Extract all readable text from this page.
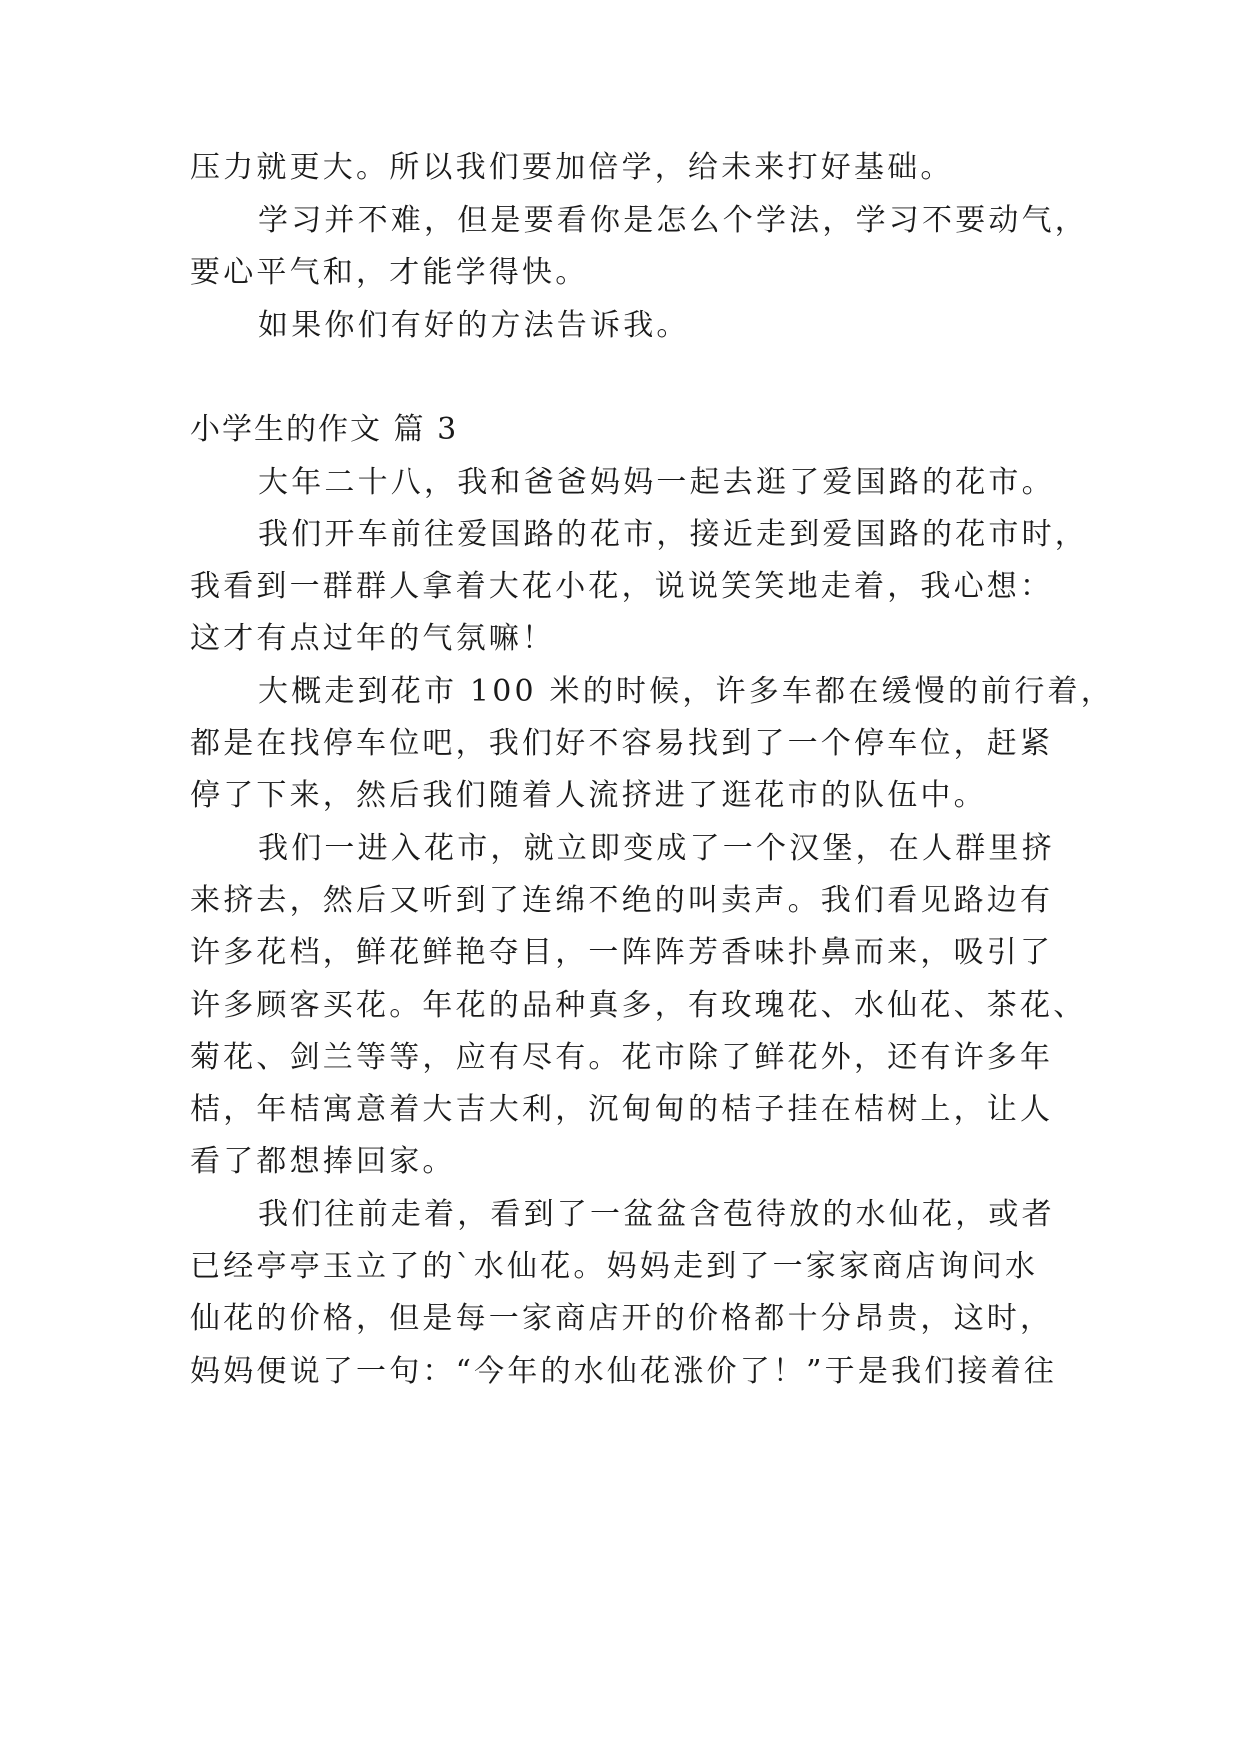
压力就更大。所以我们要加倍学，给未来打好基础。
学习并不难，但是要看你是怎么个学法，学习不要动气，
要心平气和，才能学得快。
如果你们有好的方法告诉我。
小学生的作文 篇 3
大年二十八，我和爸爸妈妈一起去逛了爱国路的花市。
我们开车前往爱国路的花市，接近走到爱国路的花市时，
我看到一群群人拿着大花小花，说说笑笑地走着，我心想：
这才有点过年的气氛嘛！
大概走到花市 100 米的时候，许多车都在缓慢的前行着，
都是在找停车位吧，我们好不容易找到了一个停车位，赶紧
停了下来，然后我们随着人流挤进了逛花市的队伍中。
我们一进入花市，就立即变成了一个汉堡，在人群里挤
来挤去，然后又听到了连绵不绝的叫卖声。我们看见路边有
许多花档，鲜花鲜艳夺目，一阵阵芳香味扑鼻而来，吸引了
许多顾客买花。年花的品种真多，有玫瑰花、水仙花、茶花、
菊花、剑兰等等，应有尽有。花市除了鲜花外，还有许多年
桔，年桔寓意着大吉大利，沉甸甸的桔子挂在桔树上，让人
看了都想捧回家。
我们往前走着，看到了一盆盆含苞待放的水仙花，或者
已经亭亭玉立了的`水仙花。妈妈走到了一家家商店询问水
仙花的价格，但是每一家商店开的价格都十分昂贵，这时，
妈妈便说了一句：“今年的水仙花涨价了！”于是我们接着往
